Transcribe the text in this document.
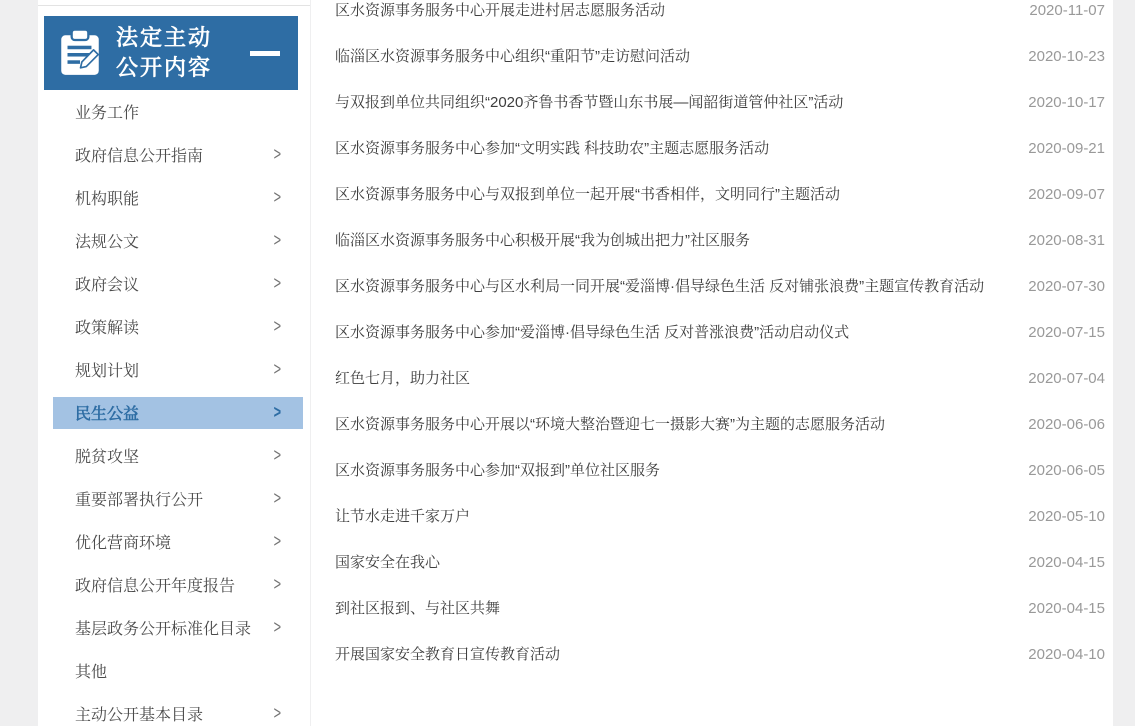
法定主动
公开内容
业务工作
政府信息公开指南	>
机构职能	>
法规公文	>
政府会议	>
政策解读	>
规划计划	>
民生公益	>
脱贫攻坚	>
重要部署执行公开	>
优化营商环境	>
政府信息公开年度报告	>
基层政务公开标准化目录 >
其他
主动公开基本目录	>
区水资源事务服务中心开展走进村居志愿服务活动	2020-11-07
临淄区水资源事务服务中心组织“重阳节”走访慰问活动	2020-10-23
与双报到单位共同组织“2020齐鲁书香节暨山东书展—闻韶街道管仲社区”活动	2020-10-17
区水资源事务服务中心参加“文明实践 科技助农”主题志愿服务活动	2020-09-21
区水资源事务服务中心与双报到单位一起开展“书香相伴，文明同行”主题活动	2020-09-07
临淄区水资源事务服务中心积极开展“我为创城出把力”社区服务	2020-08-31
区水资源事务服务中心与区水利局一同开展“爱淄博·倡导绿色生活 反对铺张浪费”主题宣传教育活动	2020-07-30
区水资源事务服务中心参加“爱淄博·倡导绿色生活 反对普涨浪费”活动启动仪式	2020-07-15
红色七月，助力社区	2020-07-04
区水资源事务服务中心开展以“环境大整治暨迎七一摄影大赛”为主题的志愿服务活动	2020-06-06
区水资源事务服务中心参加“双报到”单位社区服务	2020-06-05
让节水走进千家万户	2020-05-10
国家安全在我心	2020-04-15
到社区报到、与社区共舞	2020-04-15
开展国家安全教育日宣传教育活动	2020-04-10
